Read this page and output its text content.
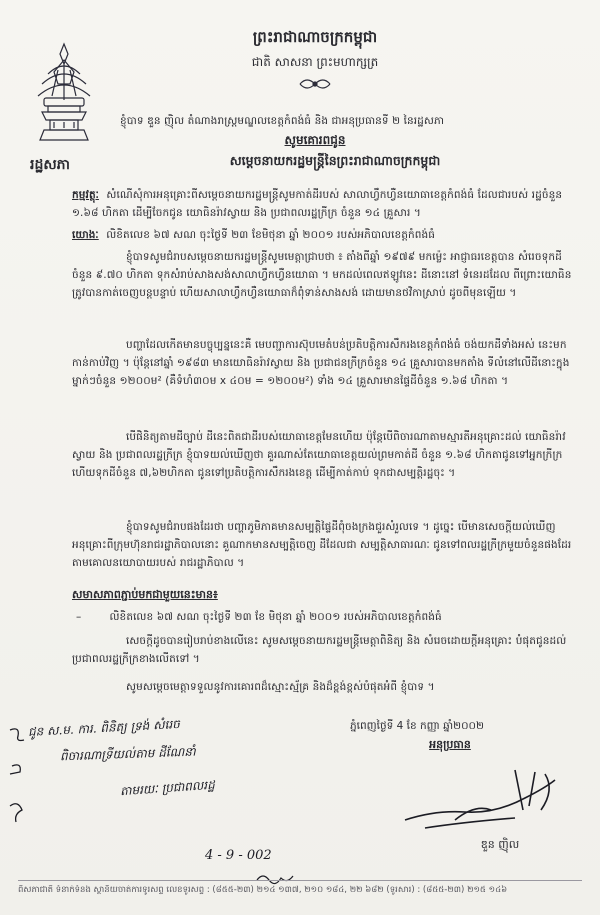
ព្រះរាជាណាចក្រកម្ពុជា
ជាតិ សាសនា ព្រះមហាក្សត្រ
ខ្ញុំបាទ ឌួន ញ៉ិល តំណាងរាស្ត្រមណ្ឌលខេត្តកំពង់ធំ និង ជាអនុប្រធានទី ២ នៃរដ្ឋសភា
សូមគោរពជូន
រដ្ឋសភា	សម្តេចនាយករដ្ឋមន្ត្រីនៃព្រះរាជាណាចក្រកម្ពុជា
កម្មវត្ថុៈ សំណើសុំការអនុគ្រោះពីសម្តេចនាយករដ្ឋមន្ត្រីសូមកាត់ដីរបស់ សាលាហ្វឹកហ្វឺនយោធាខេត្តកំពង់ធំ ដែលជារបស់ រដ្ឋចំនួន ១.៦៨ ហិកតា ដើម្បីចែកជូន យោធិនរ៉ាវស្វាយ និង ប្រជាពលរដ្ឋក្រីក្រ ចំនួន ១៤ គ្រួសារ ។
យោងៈ លិខិតលេខ ៦៧ សណ ចុះថ្ងៃទី ២៣ ខែមិថុនា ឆ្នាំ ២០០១ របស់អភិបាលខេត្តកំពង់ធំ
ខ្ញុំបាទសូមជំរាបសម្តេចនាយករដ្ឋមន្ត្រីសូមមេត្តាជ្រាបថា ៖ តាំងពីឆ្នាំ ១៩៧៩ មកម្ល៉េះ អាជ្ញាធរខេត្តបាន សំរេចទុកដីចំនួន ៩.៧០ ហិកតា ទុកសំរាប់សាងសង់សាលាហ្វឹកហ្វឺនយោធា ។ មកដល់ពេលឥឡូវនេះ ដីនោះនៅ ទំនេរដដែល ពីព្រោះយោធិនត្រូវបានកាត់ចេញបន្តបន្ទាប់ ហើយសាលាហ្វឹកហ្វឺនយោធាក៏ពុំទាន់សាងសង់ ដោយមានថវិកាស្រាប់ ដូចពីមុនឡើយ ។
បញ្ហាដែលកើតមានបច្ចុប្បន្ននេះគឺ មេបញ្ជាការស៊ុបមេតំបន់ប្រតិបត្តិការសឹករងខេត្តកំពង់ធំ ចង់យកដីទាំងអស់ នេះមកកាន់កាប់វិញ ។ ប៉ុន្តែនៅឆ្នាំ ១៩៨៣ មានយោធិនរ៉ាវស្វាយ និង ប្រជាជនក្រីក្រចំនួន ១៤ គ្រួសារបានមកតាំង ទីលំនៅលើដីនោះក្នុងម្នាក់ៗចំនួន ១២០០ម² (គឺទំហំ៣០ម x ៤០ម = ១២០០ម²) ទាំង ១៤ គ្រួសារមានផ្ទៃដីចំនួន ១.៦៨ ហិកតា ។
បើផិនិត្យតាមដីច្បាប់ ដីនេះពិតជាដីរបស់យោធាខេត្តមែនហើយ ប៉ុន្តែបើពិចារណាតាមស្មារតីអនុគ្រោះដល់ យោធិនរ៉ាវស្វាយ និង ប្រជាពលរដ្ឋក្រីក្រ ខ្ញុំបាទយល់ឃើញថា គួរណាស់តែយោធាខេត្តយល់ព្រមកាត់ដី ចំនួន ១.៦៨ ហិកតាជូនទៅអ្នកក្រីក្រ ហើយទុកដីចំនួន ៧,៦២ហិកតា ជូនទៅប្រតិបត្តិការសឹករងខេត្ត ដើម្បីកាត់កាប់ ទុកជាសម្បត្តិរដ្ឋចុះ ។
ខ្ញុំបាទសូមជំរាបផងដែរថា បញ្ហាភូមិភាគមានសម្បត្តិផ្ទៃដីពុំចងក្រងជួរសំរួលទេ ។ ដូច្នេះ បើមានសេចក្តីយល់ឃើញអនុគ្រោះពីក្រុមហ៊ុនរាជរដ្ឋាភិបាលនោះ គួណាកមានសម្បត្តិចេញ ដីដែលជា សម្បត្តិសាធារណៈ ជូនទៅពលរដ្ឋក្រីក្រមួយចំនួនផងដែរ តាមគោលនយោបាយរបស់ រាជរដ្ឋាភិបាល ។
សមាសភាពភ្ជាប់មកជាមួយនេះមាន៖
–	លិខិតលេខ ៦៧ សណ ចុះថ្ងៃទី ២៣ ខែ មិថុនា ឆ្នាំ ២០០១ របស់អភិបាលខេត្តកំពង់ធំ
សេចក្តីដូចបានរៀបរាប់ខាងលើនេះ សូមសម្តេចនាយករដ្ឋមន្ត្រីមេត្តាពិនិត្យ និង សំរេចដោយក្តីអនុគ្រោះ បំផុតជូនដល់ប្រជាពលរដ្ឋក្រីក្រខាងលើតទៅ ។
សូមសម្តេចមេត្តាទទួលនូវការគោរពដ៏ស្មោះស្ម័គ្រ និងដ៏ខ្ពង់ខ្ពស់បំផុតអំពី ខ្ញុំបាទ ។
ជូន ស.ម. ការ. ពិនិត្យ ទ្រង់ សំរេច
ពិចារណាទ្រីយល់តាម ដីណែនាំ
តាមរយៈ ប្រជាពលរដ្ឋ
4 - 9 - 002
ភ្នំពេញថ្ងៃទី 4 ខែ កញ្ញា ឆ្នាំ២០០២
អនុប្រធាន
ឌួន ញ៉ិល
ពីសភាជាតិ ទំនាក់ទំនង ស្ថានីយចាត់ការទូរសព្ទ លេខទូរសព្ទ : (៨៥៥-២៣) ២១៤ ១៣៧, ២១០ ១៨៤, ២២ ៦៨២ (ទូរសារ) : (៨៥៥-២៣) ២១៥ ១៤៦
